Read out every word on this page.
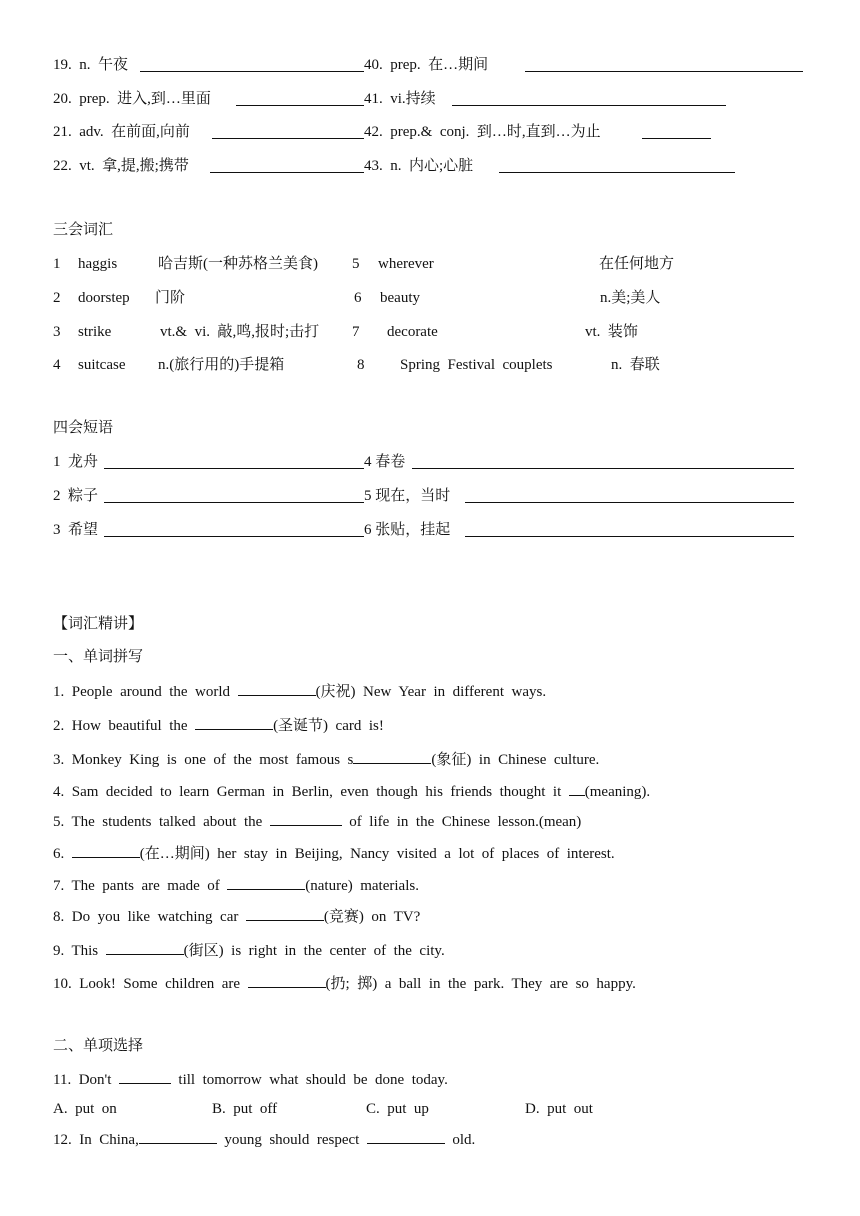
19.  n.  午夜	40.  prep.  在…期间
20.  prep.  进入,到…里面	41.  vi.持续
21.  adv.  在前面,向前	42.  prep.&  conj.  到…时,直到…为止
22.  vt.  拿,提,搬;携带	43.  n.  内心;心脏
三会词汇
1 haggis	哈吉斯(一种苏格兰美食) 5 wherever	在任何地方
2 doorstep 门阶	6 beauty	n.美;美人
3 strike	vt.&  vi.  敲,鸣,报时;击打 7 decorate	vt.  装饰
4 suitcase n.(旅行用的)手提箱	8 Spring  Festival  couplets	n.  春联
四会短语
1  龙舟	4 春卷
2  粽子	5 现在，当时
3  希望	6 张贴，挂起
【词汇精讲】
一、单词拼写
1.  People  around  the  world	(庆祝)  New  Year  in  different  ways.
2.  How  beautiful  the	(圣诞节)  card  is!
3.  Monkey  King  is  one  of  the  most  famous  s	(象征)  in  Chinese  culture.
4.  Sam  decided  to  learn  German  in  Berlin,  even  though  his  friends  thought  it  (meaning).
5.  The  students  talked  about  the	of  life  in  the  Chinese  lesson.(mean)
6.	(在…期间)  her  stay  in  Beijing,  Nancy  visited  a  lot  of  places  of  interest.
7.  The  pants  are  made  of	(nature)  materials.
8.  Do  you  like  watching  car	(竞赛)  on  TV?
9.  This	(街区)  is  right  in  the  center  of  the  city.
10.  Look!  Some  children  are	(扔;  掷)  a  ball  in  the  park.  They  are  so  happy.
二、单项选择
11.  Don't	till  tomorrow  what  should  be  done  today.
A.  put  on	B.  put  off	C.  put  up	D.  put  out
12.  In  China,	young  should  respect	old.
